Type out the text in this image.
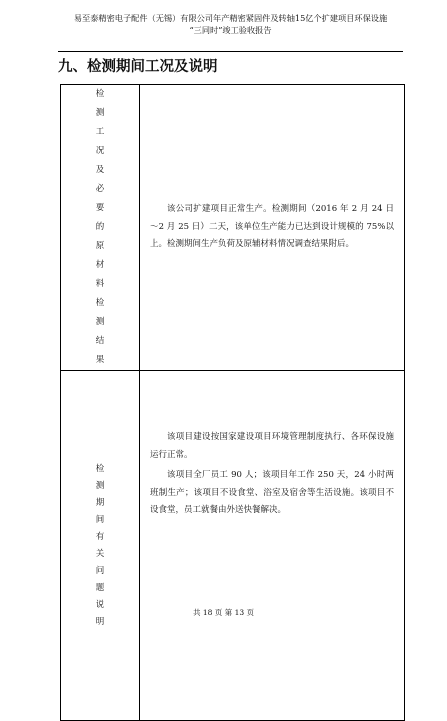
易至泰精密电子配件（无锡）有限公司年产精密紧固件及转轴15亿个扩建项目环保设施
“三同时”竣工验收报告
九、检测期间工况及说明
检测工况及必要的原材料检测结果	该公司扩建项目正常生产。检测期间（2016 年 2 月 24 日～2 月 25 日）二天，该单位生产能力已达到设计规模的 75%以上。检测期间生产负荷及原辅材料情况调查结果附后。

检测期间有关问题说明	该项目建设按国家建设项目环境管理制度执行、各环保设施运行正常。

该项目全厂员工 90 人；该项目年工作 250 天，24 小时两班制生产；该项目不设食堂、浴室及宿舍等生活设施。该项目不设食堂，员工就餐由外送快餐解决。

共 18 页 第 13 页
